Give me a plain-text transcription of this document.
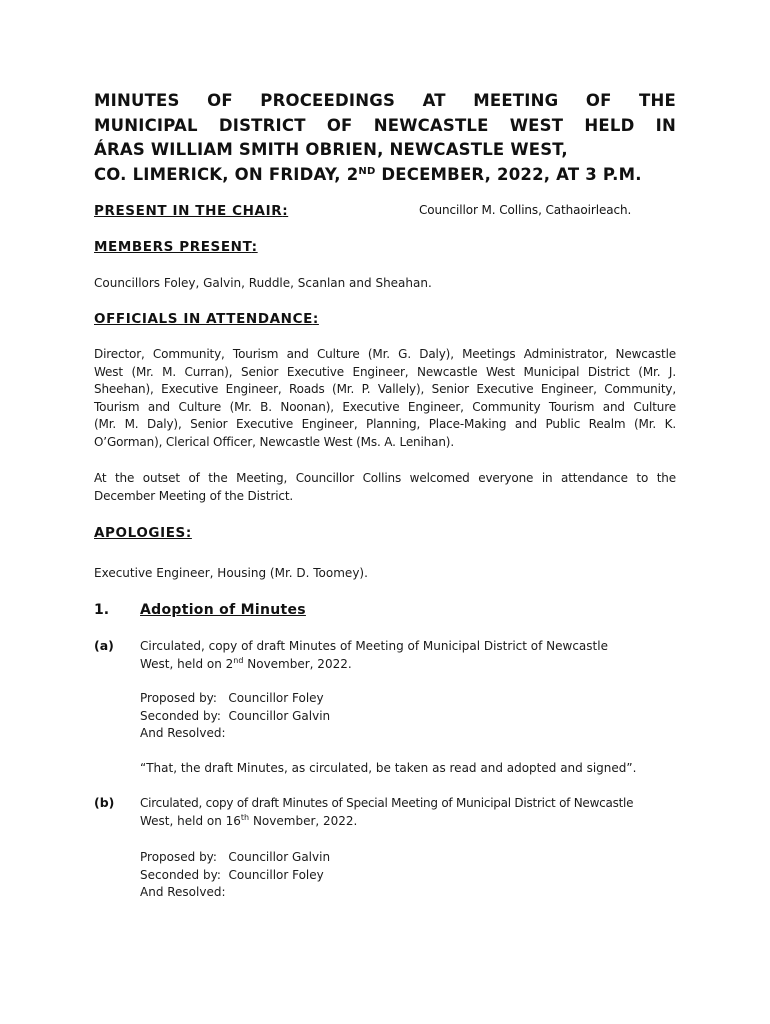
MINUTES OF PROCEEDINGS AT MEETING OF THE
MUNICIPAL DISTRICT OF NEWCASTLE WEST HELD IN
ÁRAS WILLIAM SMITH OBRIEN, NEWCASTLE WEST,
CO. LIMERICK, ON FRIDAY, 2ND DECEMBER, 2022, AT 3 P.M.
PRESENT IN THE CHAIR:	Councillor M. Collins, Cathaoirleach.
MEMBERS PRESENT:
Councillors Foley, Galvin, Ruddle, Scanlan and Sheahan.
OFFICIALS IN ATTENDANCE:
Director, Community, Tourism and Culture (Mr. G. Daly), Meetings Administrator, Newcastle
West (Mr. M. Curran), Senior Executive Engineer, Newcastle West Municipal District (Mr. J.
Sheehan), Executive Engineer, Roads (Mr. P. Vallely), Senior Executive Engineer, Community,
Tourism and Culture (Mr. B. Noonan), Executive Engineer, Community Tourism and Culture
(Mr. M. Daly), Senior Executive Engineer, Planning, Place-Making and Public Realm (Mr. K.
O’Gorman), Clerical Officer, Newcastle West (Ms. A. Lenihan).
At the outset of the Meeting, Councillor Collins welcomed everyone in attendance to the
December Meeting of the District.
APOLOGIES:
Executive Engineer, Housing (Mr. D. Toomey).
1. Adoption of Minutes
(a) Circulated, copy of draft Minutes of Meeting of Municipal District of Newcastle
West, held on 2nd November, 2022.
Proposed by:   Councillor Foley
Seconded by:  Councillor Galvin
And Resolved:
“That, the draft Minutes, as circulated, be taken as read and adopted and signed”.
(b) Circulated, copy of draft Minutes of Special Meeting of Municipal District of Newcastle
West, held on 16th November, 2022.
Proposed by:   Councillor Galvin
Seconded by:  Councillor Foley
And Resolved:
